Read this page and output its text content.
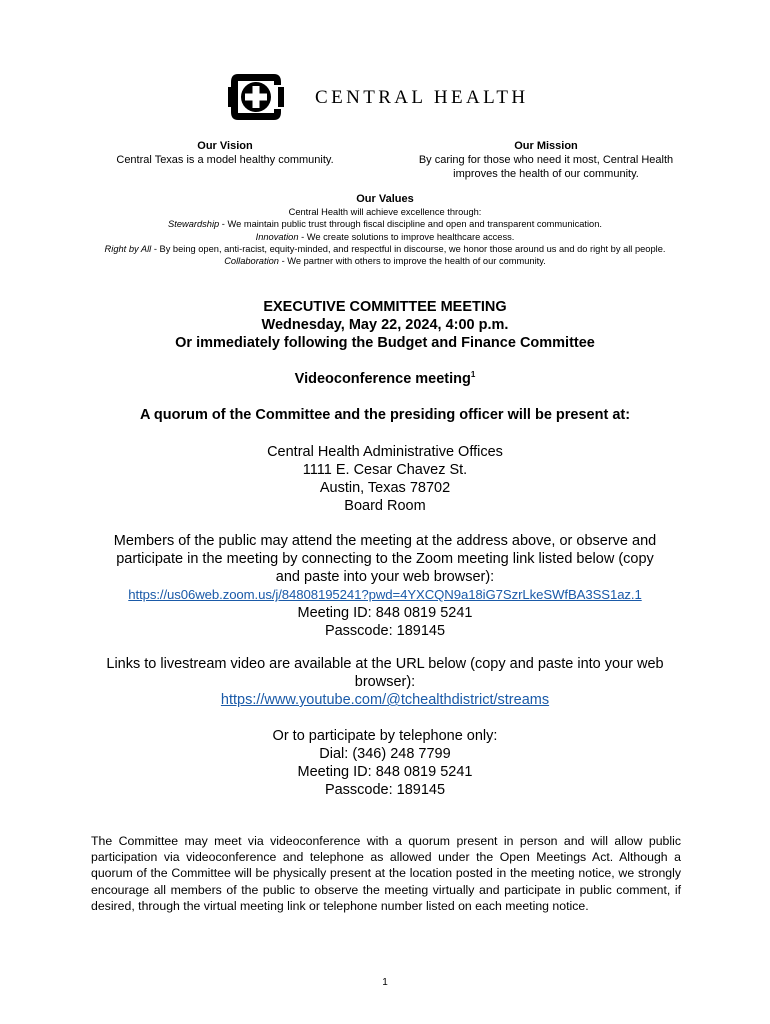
CENTRAL HEALTH
Our Vision
Central Texas is a model healthy community.
Our Mission
By caring for those who need it most, Central Health
improves the health of our community.
Our Values
Central Health will achieve excellence through:
Stewardship - We maintain public trust through fiscal discipline and open and transparent communication.
Innovation - We create solutions to improve healthcare access.
Right by All - By being open, anti-racist, equity-minded, and respectful in discourse, we honor those around us and do right by all people.
Collaboration - We partner with others to improve the health of our community.
EXECUTIVE COMMITTEE MEETING
Wednesday, May 22, 2024, 4:00 p.m.
Or immediately following the Budget and Finance Committee
Videoconference meeting$^1$
A quorum of the Committee and the presiding officer will be present at:
Central Health Administrative Offices
1111 E. Cesar Chavez St.
Austin, Texas 78702
Board Room
Members of the public may attend the meeting at the address above, or observe and
participate in the meeting by connecting to the Zoom meeting link listed below (copy
and paste into your web browser):
https://us06web.zoom.us/j/84808195241?pwd=4YXCQN9a18iG7SzrLkeSWfBA3SS1az.1
Meeting ID: 848 0819 5241
Passcode: 189145
Links to livestream video are available at the URL below (copy and paste into your web
browser):
https://www.youtube.com/@tchealthdistrict/streams
Or to participate by telephone only:
Dial: (346) 248 7799
Meeting ID: 848 0819 5241
Passcode: 189145
The Committee may meet via videoconference with a quorum present in person and will allow public participation via videoconference and telephone as allowed under the Open Meetings Act. Although a quorum of the Committee will be physically present at the location posted in the meeting notice, we strongly encourage all members of the public to observe the meeting virtually and participate in public comment, if desired, through the virtual meeting link or telephone number listed on each meeting notice.
1
